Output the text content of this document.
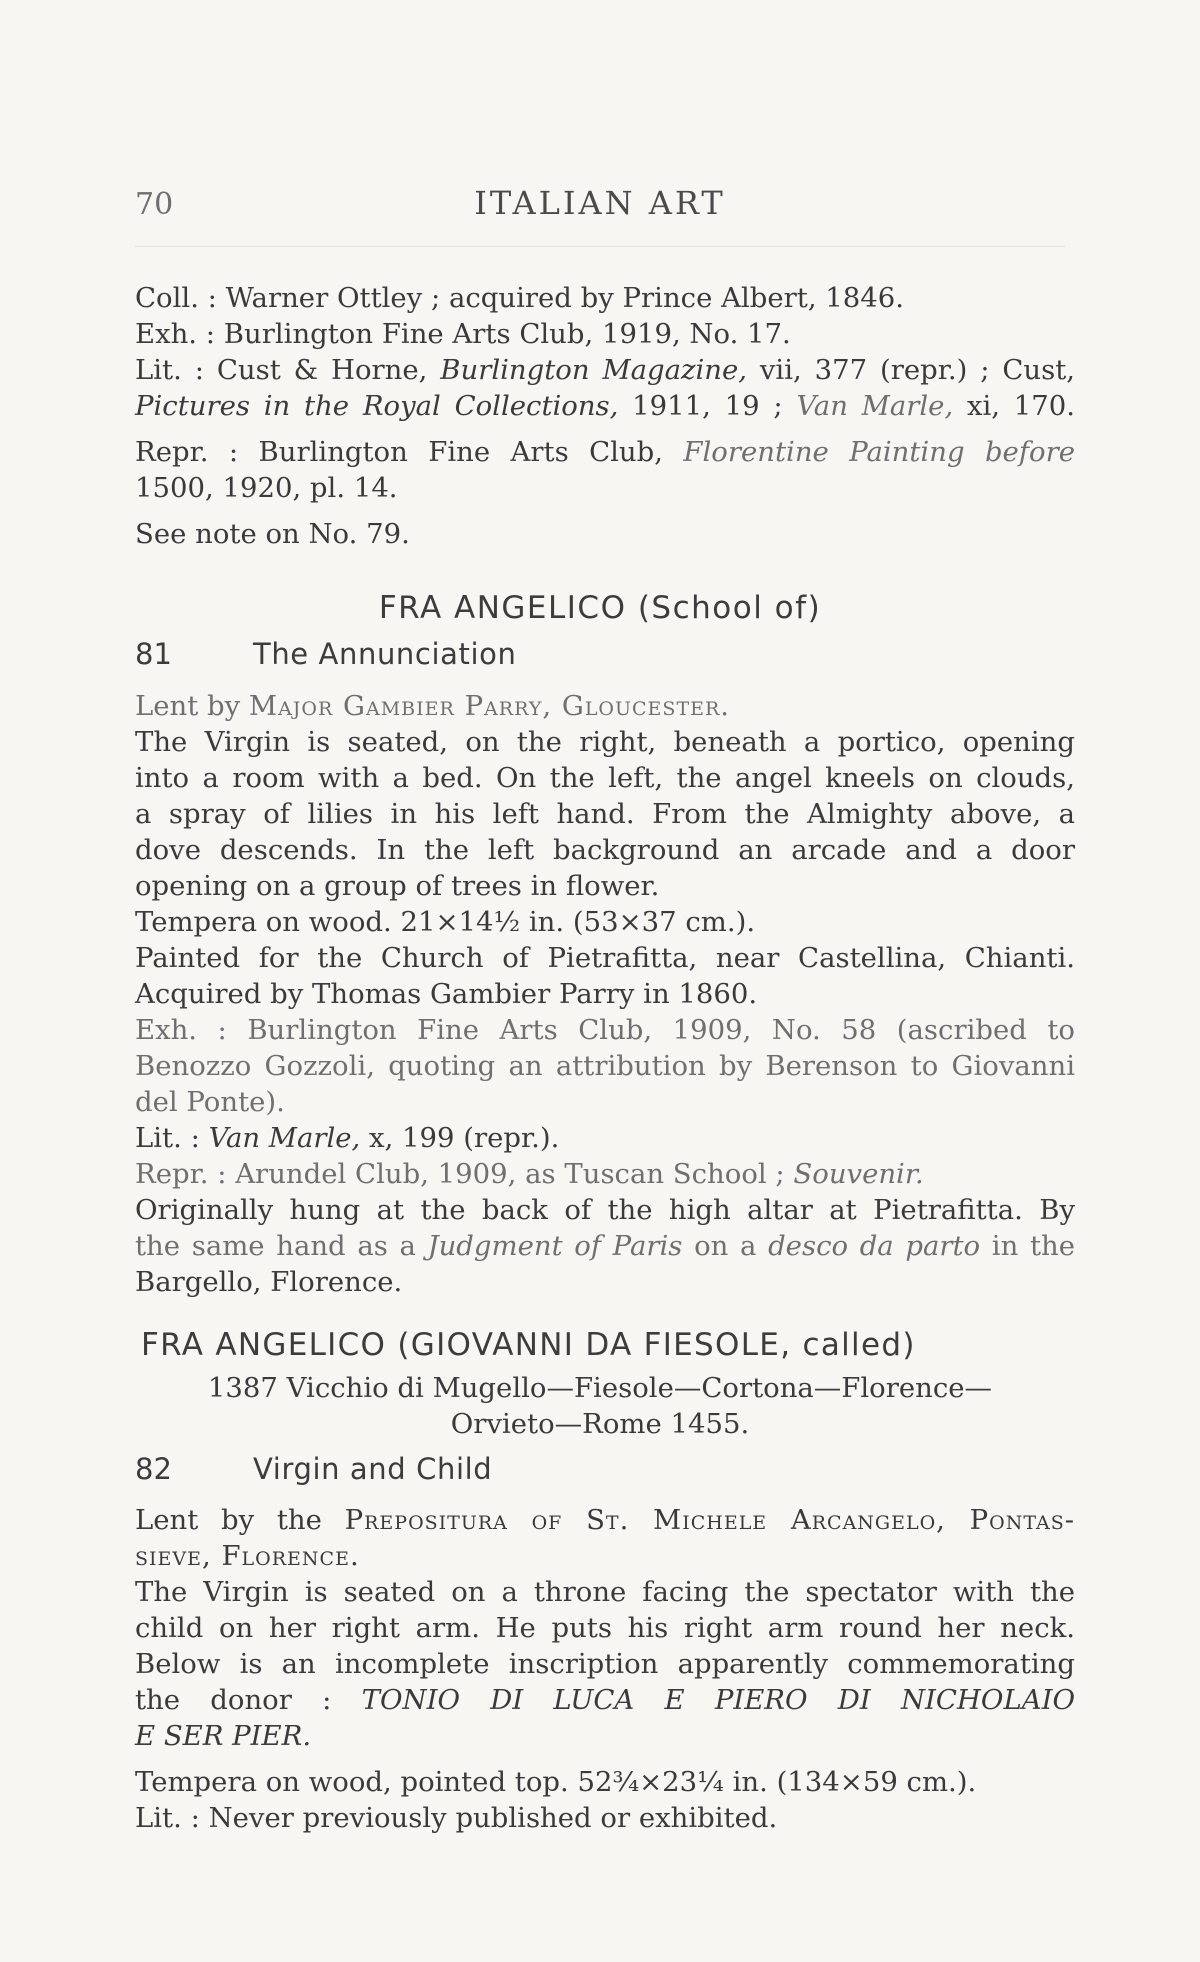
70	ITALIAN ART
Coll. : Warner Ottley ; acquired by Prince Albert, 1846.
Exh. : Burlington Fine Arts Club, 1919, No. 17.
Lit. : Cust & Horne, Burlington Magazine, vii, 377 (repr.) ; Cust,
Pictures in the Royal Collections, 1911, 19 ; Van Marle, xi, 170.
Repr. : Burlington Fine Arts Club, Florentine Painting before
1500, 1920, pl. 14.
See note on No. 79.
FRA ANGELICO (School of)
81	The Annunciation
Lent by Major Gambier Parry, Gloucester.
The Virgin is seated, on the right, beneath a portico, opening
into a room with a bed. On the left, the angel kneels on clouds,
a spray of lilies in his left hand. From the Almighty above, a
dove descends. In the left background an arcade and a door
opening on a group of trees in flower.
Tempera on wood. 21×14½ in. (53×37 cm.).
Painted for the Church of Pietrafitta, near Castellina, Chianti.
Acquired by Thomas Gambier Parry in 1860.
Exh. : Burlington Fine Arts Club, 1909, No. 58 (ascribed to
Benozzo Gozzoli, quoting an attribution by Berenson to Giovanni
del Ponte).
Lit. : Van Marle, x, 199 (repr.).
Repr. : Arundel Club, 1909, as Tuscan School ; Souvenir.
Originally hung at the back of the high altar at Pietrafitta. By
the same hand as a Judgment of Paris on a desco da parto in the
Bargello, Florence.
FRA ANGELICO (GIOVANNI DA FIESOLE, called)
1387 Vicchio di Mugello—Fiesole—Cortona—Florence—
Orvieto—Rome 1455.
82	Virgin and Child
Lent by the Prepositura of St. Michele Arcangelo, Pontas-
sieve, Florence.
The Virgin is seated on a throne facing the spectator with the
child on her right arm. He puts his right arm round her neck.
Below is an incomplete inscription apparently commemorating
the donor : TONIO DI LUCA E PIERO DI NICHOLAIO
E SER PIER.
Tempera on wood, pointed top. 52¾×23¼ in. (134×59 cm.).
Lit. : Never previously published or exhibited.
